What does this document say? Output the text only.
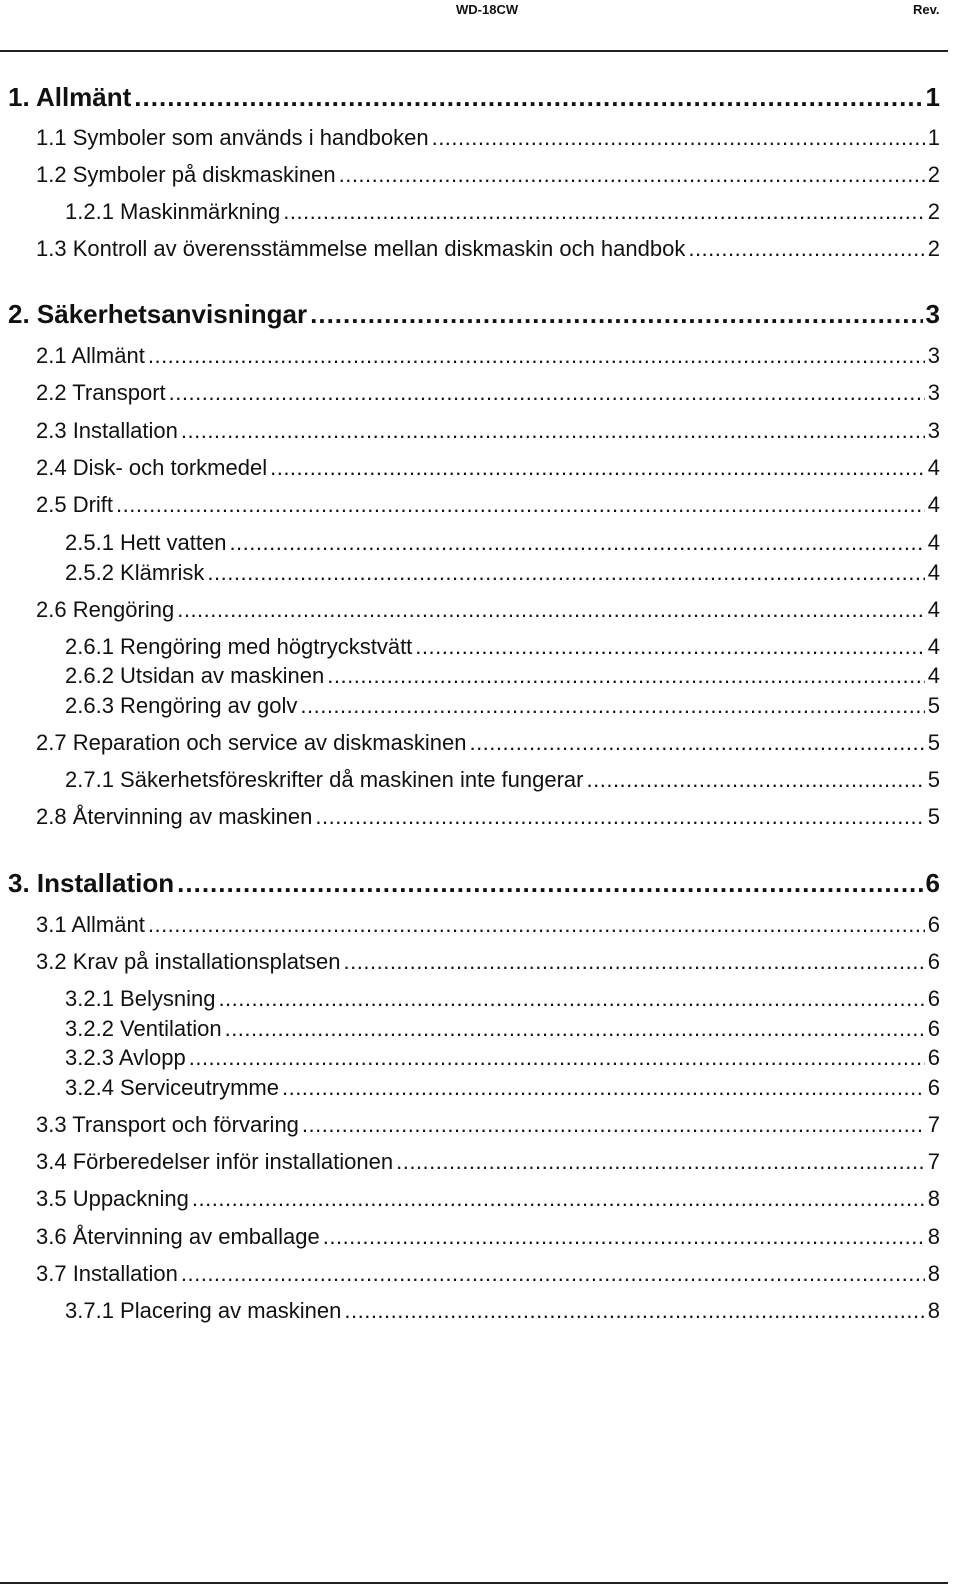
WD-18CW	Rev.
1. Allmänt .....	1
1.1 Symboler som används i handboken .....	1
1.2 Symboler på diskmaskinen .....	2
1.2.1 Maskinmärkning .....	2
1.3 Kontroll av överensstämmelse mellan diskmaskin och handbok .....	2
2. Säkerhetsanvisningar .....	3
2.1 Allmänt .....	3
2.2 Transport .....	3
2.3 Installation .....	3
2.4 Disk- och torkmedel .....	4
2.5 Drift .....	4
2.5.1 Hett vatten .....	4
2.5.2 Klämrisk .....	4
2.6 Rengöring .....	4
2.6.1 Rengöring med högtryckstvätt .....	4
2.6.2 Utsidan av maskinen .....	4
2.6.3 Rengöring av golv .....	5
2.7 Reparation och service av diskmaskinen .....	5
2.7.1 Säkerhetsföreskrifter då maskinen inte fungerar .....	5
2.8 Återvinning av maskinen .....	5
3. Installation .....	6
3.1 Allmänt .....	6
3.2 Krav på installationsplatsen .....	6
3.2.1 Belysning .....	6
3.2.2 Ventilation .....	6
3.2.3 Avlopp .....	6
3.2.4 Serviceutrymme .....	6
3.3 Transport och förvaring .....	7
3.4 Förberedelser inför installationen .....	7
3.5 Uppackning .....	8
3.6 Återvinning av emballage .....	8
3.7 Installation .....	8
3.7.1 Placering av maskinen .....	8
